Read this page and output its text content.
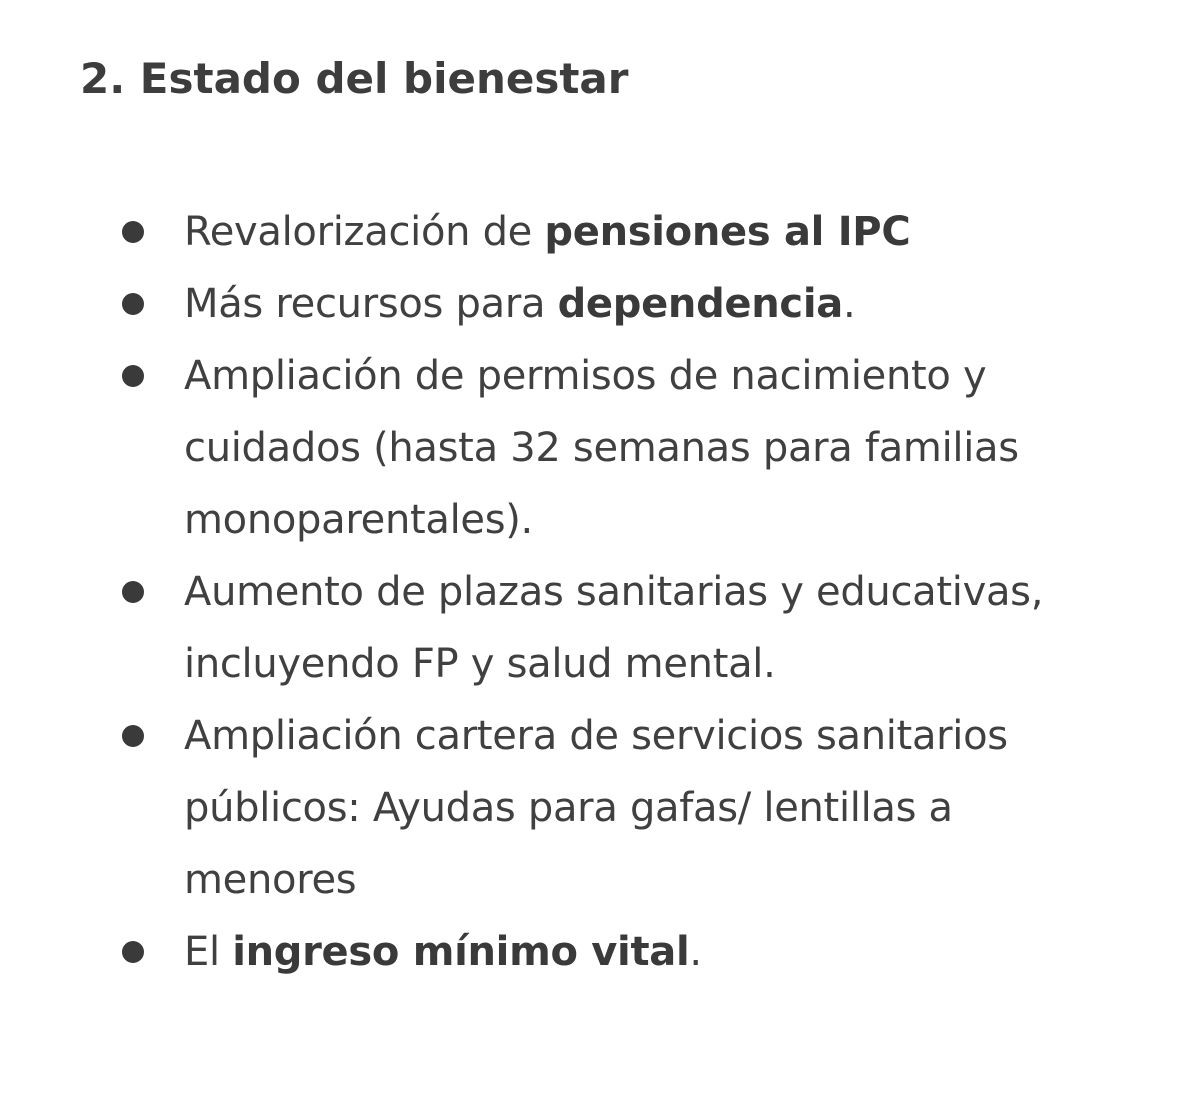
2. Estado del bienestar
Revalorización de pensiones al IPC
Más recursos para dependencia.
Ampliación de permisos de nacimiento y cuidados (hasta 32 semanas para familias monoparentales).
Aumento de plazas sanitarias y educativas, incluyendo FP y salud mental.
Ampliación cartera de servicios sanitarios públicos: Ayudas para gafas/ lentillas a menores
El ingreso mínimo vital.
